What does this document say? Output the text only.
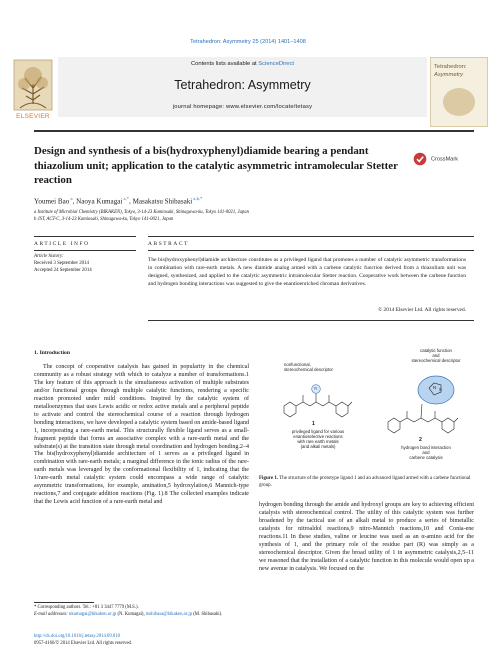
Tetrahedron: Asymmetry 25 (2014) 1401–1408
ELSEVIER
Contents lists available at ScienceDirect
Tetrahedron: Asymmetry
journal homepage: www.elsevier.com/locate/tetasy
Tetrahedron:
Asymmetry
Design and synthesis of a bis(hydroxyphenyl)diamide bearing a pendant thiazolium unit; application to the catalytic asymmetric intramolecular Stetter reaction
CrossMark
Youmei Bao $^a$, Naoya Kumagai $^{a,*}$, Masakatsu Shibasaki $^{a,b,*}$
a Institute of Microbial Chemistry (BIKAKEN), Tokyo, 3-14-23 Kamiosaki, Shinagawa-ku, Tokyo 141-0021, Japan
b JST, ACT-C, 3-14-23 Kamiosaki, Shinagawa-ku, Tokyo 141-0021, Japan
ARTICLE INFO	ABSTRACT
Article history:
Received 3 September 2014
Accepted 24 September 2014
The bis(hydroxyphenyl)diamide architecture constitutes as a privileged ligand that promotes a number of catalytic asymmetric transformations in combination with rare-earth metals. A new diamide analog armed with a carbene catalytic function derived from a thiazolium unit was designed, synthesized, and applied to the catalytic asymmetric intramolecular Stetter reaction. Cooperative work between the carbene function and hydrogen bonding interactions was suggested to give the enantioenriched chroman derivatives.
© 2014 Elsevier Ltd. All rights reserved.
1. Introduction
The concept of cooperative catalysis has gained in popularity in the chemical community as a robust strategy with which to catalyze a number of transformations.1 The key feature of this approach is the simultaneous activation of multiple substrates and/or functional groups through multiple catalytic functions, rendering a specific reaction promoted under mild conditions. Inspired by the catalytic system of metalloenzymes that uses Lewis acidic or redox active metals and a peripheral peptide to activate and control the stereochemical course of a reaction through hydrogen bonding interactions, we have developed a catalytic system based on amide-based ligand 1, incorporating a rare-earth metal. This structurally flexible ligand serves as a small-fragment peptide that forms an associative complex with a rare-earth metal and the substrate(s) at the transition state through metal coordination and hydrogen bonding.2–4 The bis(hydroxyphenyl)diamide architecture of 1 serves as a privileged ligand in combination with rare-earth metals; a marginal difference in the ionic radius of the rare-earth metals was leveraged by the conformational flexibility of 1, indicating that the 1/rare-earth metal catalytic system could encompass a wide range of catalytic asymmetric transformations, for example, amination,5 hydroxylation,6 Mannich-type reactions,7 and conjugate addition reactions (Fig. 1).8 The collected examples indicate that the Lewis acid function of a rare-earth metal and
nonfunctional,
stereochemical descriptor
catalytic function
and
stereochemical descriptor
R	N S
1
privileged ligand for various
enantioselective reactions
with rare earth metals
(and alkali metals)
2
hydrogen bond interaction
and
carbene catalysis
Figure 1. The structure of the prototype ligand 1 and an advanced ligand armed with a carbene functional group.
hydrogen bonding through the amide and hydroxyl groups are key to achieving efficient catalysis with stereochemical control. The utility of this catalytic system was further broadened by the tactical use of an alkali metal to produce a series of bimetallic catalysts for nitroaldol reactions,9 nitro-Mannich reactions,10 and Conia-ene reactions.11 In these studies, valine or leucine was used as an α-amino acid for the synthesis of 1, and the primary role of the residue part (R) was simply as a stereochemical descriptor. Given the broad utility of 1 in asymmetric catalysis,2,5–11 we reasoned that the installation of a catalytic function in this molecule would open up a new avenue in catalysis. We focused on the
* Corresponding authors. Tel.: +81 3 3447 7779 (M.S.).
E-mail addresses: nkumagai@bikaken.or.jp (N. Kumagai), mshibasa@bikaken.or.jp (M. Shibasaki).
http://dx.doi.org/10.1016/j.tetasy.2014.09.010
0957-4166/© 2014 Elsevier Ltd. All rights reserved.
